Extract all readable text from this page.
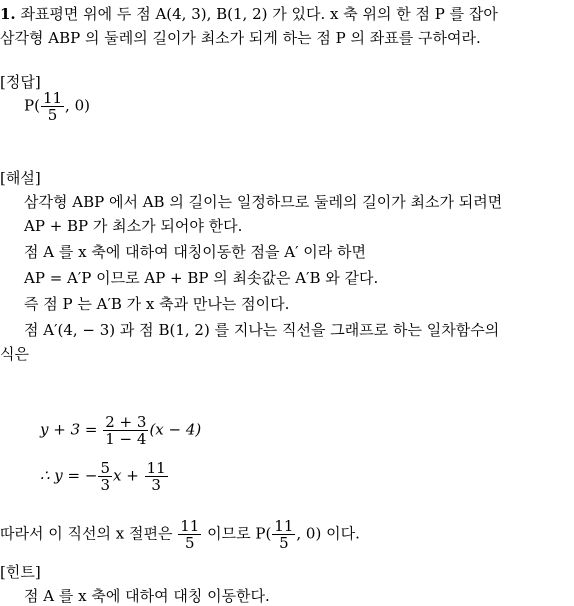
1. 좌표평면 위에 두 점 A(4, 3), B(1, 2) 가 있다. x 축 위의 한 점 P 를 잡아
삼각형 ABP 의 둘레의 길이가 최소가 되게 하는 점 P 의 좌표를 구하여라.
[정답]
$P( \frac{11}{5}$ , 0)
[해설]
삼각형 ABP 에서 AB 의 길이는 일정하므로 둘레의 길이가 최소가 되려면
AP + BP 가 최소가 되어야 한다.
점 A 를 x 축에 대하여 대칭이동한 점을 A′ 이라 하면
AP = A′P 이므로 AP + BP 의 최솟값은 A′B 와 같다.
즉 점 P 는 A′B 가 x 축과 만나는 점이다.
점 A′(4, − 3) 과 점 B(1, 2) 를 지나는 직선을 그래프로 하는 일차함수의
식은
$y + 3 = \frac{2 + 3}{1 - 4} (x - 4)$
∴ y = − $\frac{5}{3}$ $x + \frac{11}{3}$
따라서 이 직선의 x 절편은 $\frac{11}{5}$ 이므로 $P( \frac{11}{5}$ , 0) 이다.
[힌트]
점 A 를 x 축에 대하여 대칭 이동한다.
